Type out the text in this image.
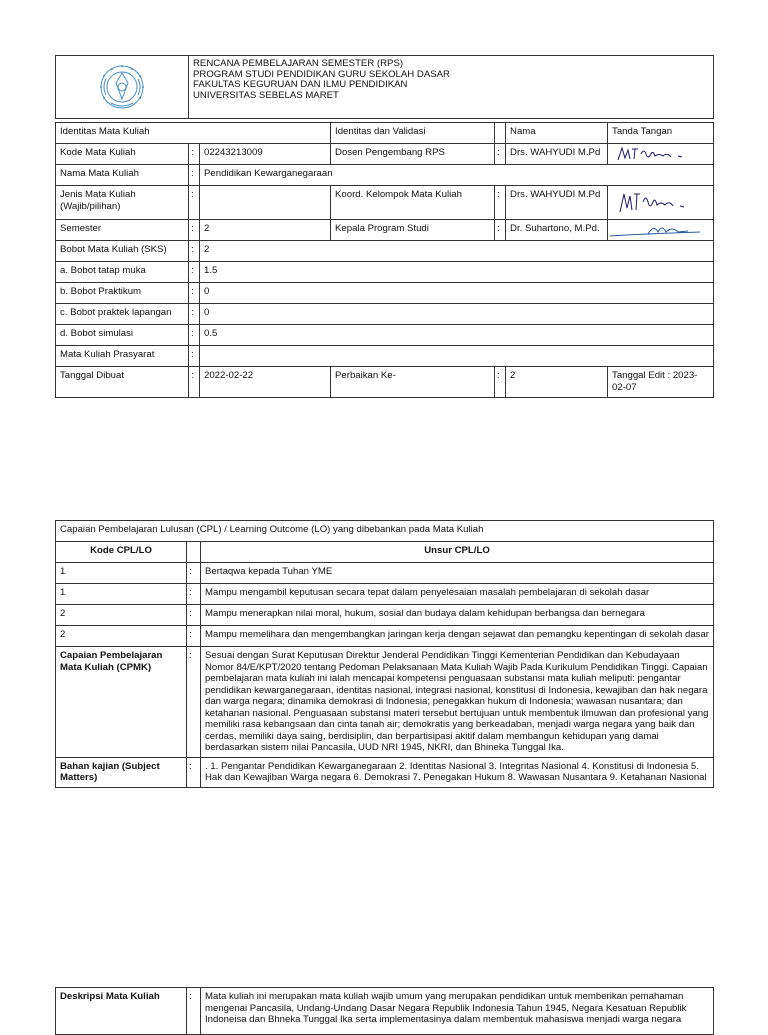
RENCANA PEMBELAJARAN SEMESTER (RPS)
PROGRAM STUDI PENDIDIKAN GURU SEKOLAH DASAR
FAKULTAS KEGURUAN DAN ILMU PENDIDIKAN
UNIVERSITAS SEBELAS MARET
Identitas Mata Kuliah			Identitas dan Validasi		Nama	Tanda Tangan
Kode Mata Kuliah	:	02243213009	Dosen Pengembang RPS	:	Drs. WAHYUDI M.Pd	

Nama Mata Kuliah	:	Pendidikan Kewarganegaraan				
Jenis Mata Kuliah (Wajib/pilihan)	:		Koord. Kelompok Mata Kuliah	:	Drs. WAHYUDI M.Pd	

Semester	:	2	Kepala Program Studi	:	Dr. Suhartono, M.Pd.	

Bobot Mata Kuliah (SKS)	:	2				
a. Bobot tatap muka	:	1.5				
b. Bobot Praktikum	:	0				
c. Bobot praktek lapangan	:	0				
d. Bobot simulasi	:	0.5				
Mata Kuliah Prasyarat	:					
Tanggal Dibuat	:	2022-02-22	Perbaikan Ke-	:	2	Tanggal Edit : 2023-02-07
Capaian Pembelajaran Lulusan (CPL) / Learning Outcome (LO) yang dibebankan pada Mata Kuliah		
Kode CPL/LO		Unsur CPL/LO
1	:	Bertaqwa kepada Tuhan YME
1	:	Mampu mengambil keputusan secara tepat dalam penyelesaian masalah pembelajaran di sekolah dasar
2	:	Mampu menerapkan nilai moral, hukum, sosial dan budaya dalam kehidupan berbangsa dan bernegara
2	:	Mampu memelihara dan mengembangkan jaringan kerja dengan sejawat dan pemangku kepentingan di sekolah dasar
Capaian Pembelajaran Mata Kuliah (CPMK)	:	Sesuai dengan Surat Keputusan Direktur Jenderal Pendidikan Tinggi Kementerian Pendidikan dan Kebudayaan Nomor 84/E/KPT/2020 tentang Pedoman Pelaksanaan Mata Kuliah Wajib Pada Kurikulum Pendidikan Tinggi. Capaian pembelajaran mata kuliah ini ialah mencapai kompetensi penguasaan substansi mata kuliah meliputi: pengantar pendidikan kewarganegaraan, identitas nasional, integrasi nasional, konstitusi di Indonesia, kewajiban dan hak negara dan warga negara; dinamika demokrasi di Indonesia; penegakkan hukum di Indonesia; wawasan nusantara; dan ketahanan nasional. Penguasaan substansi materi tersebut bertujuan untuk membentuk ilmuwan dan profesional yang memiliki rasa kebangsaan dan cinta tanah air; demokratis yang berkeadaban, menjadi warga negara yang baik dan cerdas, memiliki daya saing, berdisiplin, dan berpartisipasi akitif dalam membangun kehidupan yang damai berdasarkan sistem nilai Pancasila, UUD NRI 1945, NKRI, dan Bhineka Tunggal Ika.
Bahan kajian (Subject Matters)	:	. 1. Pengantar Pendidikan Kewarganegaraan 2. Identitas Nasional 3. Integritas Nasional 4. Konstitusi di Indonesia 5. Hak dan Kewajiban Warga negara 6. Demokrasi 7. Penegakan Hukum 8. Wawasan Nusantara 9. Ketahanan Nasional
Deskripsi Mata Kuliah	:	Mata kuliah ini merupakan mata kuliah wajib umum yang merupakan pendidikan untuk memberikan pemahaman mengenai Pancasila, Undang-Undang Dasar Negara Republik Indonesia Tahun 1945, Negara Kesatuan Republik Indoneisa dan Bhneka Tunggal Ika serta implementasinya dalam membentuk mahasiswa menjadi warga negara
